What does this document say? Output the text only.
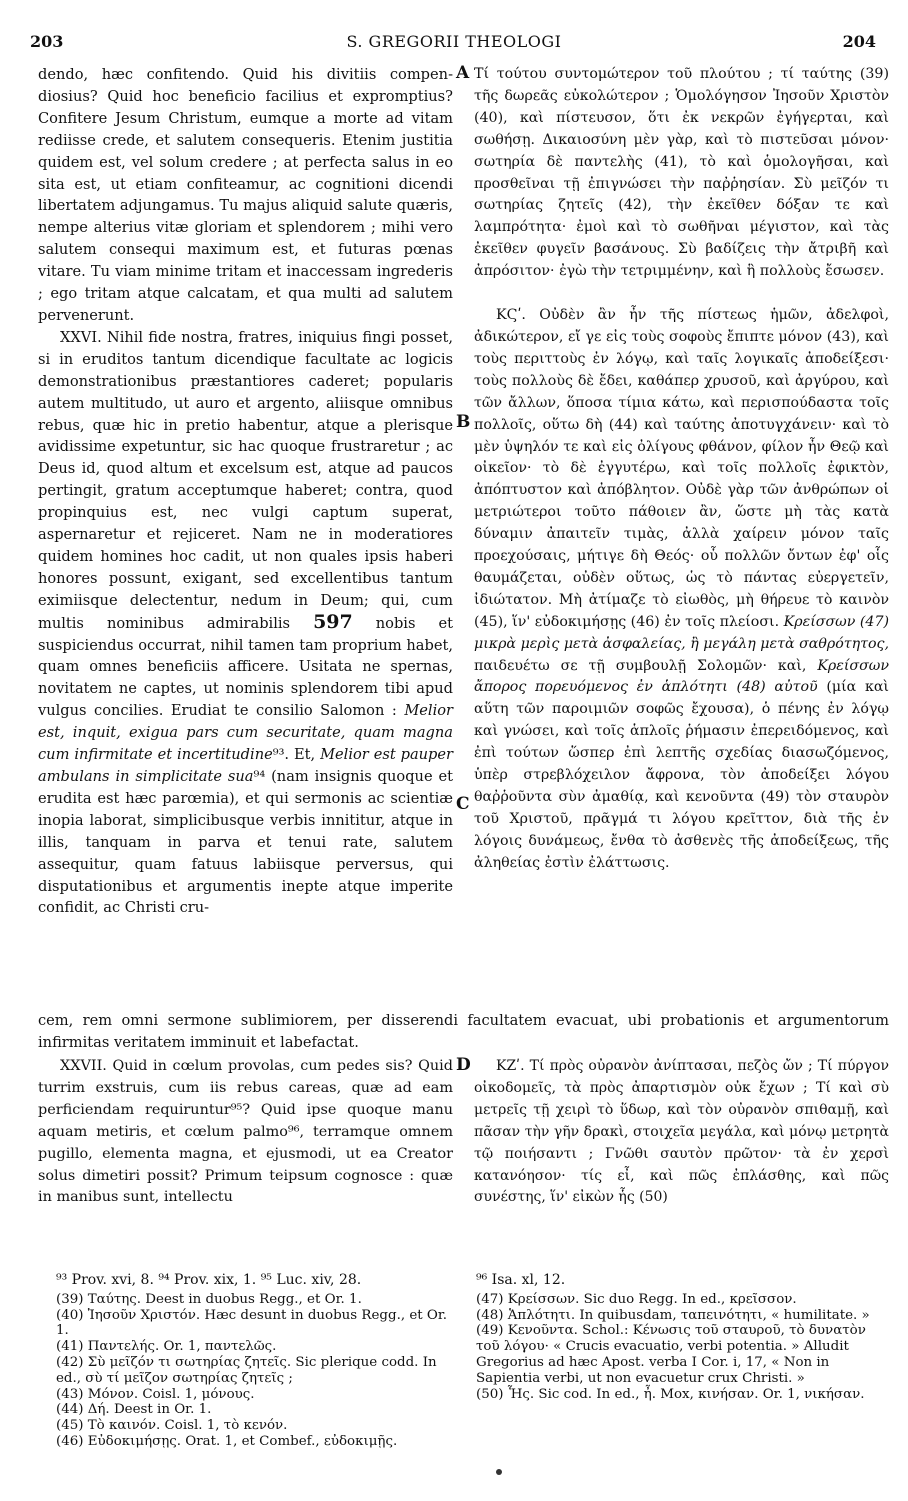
203	S. GREGORII THEOLOGI	204
A
B
C
D

dendo, hæc confitendo. Quid his divitiis compen-diosius? Quid hoc beneficio facilius et expromptius? Confitere Jesum Christum, eumque a morte ad vitam rediisse crede, et salutem consequeris. Etenim justitia quidem est, vel solum credere ; at perfecta salus in eo sita est, ut etiam confiteamur, ac cognitioni dicendi libertatem adjungamus. Tu majus aliquid salute quæris, nempe alterius vitæ gloriam et splendorem ; mihi vero salutem consequi maximum est, et futuras pœnas vitare. Tu viam minime tritam et inaccessam ingrederis ; ego tritam atque calcatam, et qua multi ad salutem pervenerunt.

XXVI. Nihil fide nostra, fratres, iniquius fingi posset, si in eruditos tantum dicendique facultate ac logicis demonstrationibus præstantiores caderet; popularis autem multitudo, ut auro et argento, aliisque omnibus rebus, quæ hic in pretio habentur, atque a plerisque avidissime expetuntur, sic hac quoque frustraretur ; ac Deus id, quod altum et excelsum est, atque ad paucos pertingit, gratum acceptumque haberet; contra, quod propinquius est, nec vulgi captum superat, aspernaretur et rejiceret. Nam ne in moderatiores quidem homines hoc cadit, ut non quales ipsis haberi honores possunt, exigant, sed excellentibus tantum eximiisque delectentur, nedum in Deum; qui, cum multis nominibus admirabilis 597 nobis et suspiciendus occurrat, nihil tamen tam proprium habet, quam omnes beneficiis afficere. Usitata ne spernas, novitatem ne captes, ut nominis splendorem tibi apud vulgus concilies. Erudiat te consilio Salomon : Melior est, inquit, exigua pars cum securitate, quam magna cum infirmitate et incertitudine⁹³. Et, Melior est pauper ambulans in simplicitate sua⁹⁴ (nam insignis quoque et erudita est hæc parœmia), et qui sermonis ac scientiæ inopia laborat, simplicibusque verbis innititur, atque in illis, tanquam in parva et tenui rate, salutem assequitur, quam fatuus labiisque perversus, qui disputationibus et argumentis inepte atque imperite confidit, ac Christi cru-

Τί τούτου συντομώτερον τοῦ πλούτου ; τί ταύτης (39) τῆς δωρεᾶς εὐκολώτερον ; Ὁμολόγησον Ἰησοῦν Χριστὸν (40), καὶ πίστευσον, ὅτι ἐκ νεκρῶν ἐγήγερται, καὶ σωθήσῃ. Δικαιοσύνη μὲν γὰρ, καὶ τὸ πιστεῦσαι μόνον· σωτηρία δὲ παντελὴς (41), τὸ καὶ ὁμολογῆσαι, καὶ προσθεῖναι τῇ ἐπιγνώσει τὴν παῤῥησίαν. Σὺ μεῖζόν τι σωτηρίας ζητεῖς (42), τὴν ἐκεῖθεν δόξαν τε καὶ λαμπρότητα· ἐμοὶ καὶ τὸ σωθῆναι μέγιστον, καὶ τὰς ἐκεῖθεν φυγεῖν βασάνους. Σὺ βαδίζεις τὴν ἄτριβῆ καὶ ἀπρόσιτον· ἐγὼ τὴν τετριμμένην, καὶ ἣ πολλοὺς ἔσωσεν.

ΚϚʹ. Οὐδὲν ἂν ἦν τῆς πίστεως ἡμῶν, ἀδελφοὶ, ἀδικώτερον, εἴ γε εἰς τοὺς σοφοὺς ἔπιπτε μόνον (43), καὶ τοὺς περιττοὺς ἐν λόγῳ, καὶ ταῖς λογικαῖς ἀποδείξεσι· τοὺς πολλοὺς δὲ ἔδει, καθάπερ χρυσοῦ, καὶ ἀργύρου, καὶ τῶν ἄλλων, ὅποσα τίμια κάτω, καὶ περισπούδαστα τοῖς πολλοῖς, οὕτω δὴ (44) καὶ ταύτης ἀποτυγχάνειν· καὶ τὸ μὲν ὑψηλόν τε καὶ εἰς ὀλίγους φθάνον, φίλον ἦν Θεῷ καὶ οἰκεῖον· τὸ δὲ ἐγγυτέρω, καὶ τοῖς πολλοῖς ἐφικτὸν, ἀπόπτυστον καὶ ἀπόβλητον. Οὐδὲ γὰρ τῶν ἀνθρώπων οἱ μετριώτεροι τοῦτο πάθοιεν ἂν, ὥστε μὴ τὰς κατὰ δύναμιν ἀπαιτεῖν τιμὰς, ἀλλὰ χαίρειν μόνον ταῖς προεχούσαις, μήτιγε δὴ Θεός· οὗ πολλῶν ὄντων ἐφ' οἷς θαυμάζεται, οὐδὲν οὕτως, ὡς τὸ πάντας εὐεργετεῖν, ἰδιώτατον. Μὴ ἀτίμαζε τὸ εἰωθὸς, μὴ θήρευε τὸ καινὸν (45), ἵν' εὐδοκιμήσῃς (46) ἐν τοῖς πλείοσι. Κρείσσων (47) μικρὰ μερὶς μετὰ ἀσφαλείας, ἢ μεγάλη μετὰ σαθρότητος, παιδευέτω σε τῇ συμβουλῇ Σολομῶν· καὶ, Κρείσσων ἄπορος πορευόμενος ἐν ἁπλότητι (48) αὐτοῦ (μία καὶ αὕτη τῶν παροιμιῶν σοφῶς ἔχουσα), ὁ πένης ἐν λόγῳ καὶ γνώσει, καὶ τοῖς ἁπλοῖς ῥήμασιν ἐπερειδόμενος, καὶ ἐπὶ τούτων ὥσπερ ἐπὶ λεπτῆς σχεδίας διασωζόμενος, ὑπὲρ στρεβλόχειλον ἄφρονα, τὸν ἀποδείξει λόγου θαῤῥοῦντα σὺν ἀμαθίᾳ, καὶ κενοῦντα (49) τὸν σταυρὸν τοῦ Χριστοῦ, πρᾶγμά τι λόγου κρεῖττον, διὰ τῆς ἐν λόγοις δυνάμεως, ἔνθα τὸ ἀσθενὲς τῆς ἀποδείξεως, τῆς ἀληθείας ἐστὶν ἐλάττωσις.

cem, rem omni sermone sublimiorem, per disserendi facultatem evacuat, ubi probationis et argumentorum infirmitas veritatem imminuit et labefactat.

XXVII. Quid in cœlum provolas, cum pedes sis? Quid turrim exstruis, cum iis rebus careas, quæ ad eam perficiendam requiruntur⁹⁵? Quid ipse quoque manu aquam metiris, et cœlum palmo⁹⁶, terramque omnem pugillo, elementa magna, et ejusmodi, ut ea Creator solus dimetiri possit? Primum teipsum cognosce : quæ in manibus sunt, intellectu

ΚΖʹ. Τί πρὸς οὐρανὸν ἀνίπτασαι, πεζὸς ὤν ; Τί πύργον οἰκοδομεῖς, τὰ πρὸς ἀπαρτισμὸν οὐκ ἔχων ; Τί καὶ σὺ μετρεῖς τῇ χειρὶ τὸ ὕδωρ, καὶ τὸν οὐρανὸν σπιθαμῇ, καὶ πᾶσαν τὴν γῆν δρακὶ, στοιχεῖα μεγάλα, καὶ μόνῳ μετρητὰ τῷ ποιήσαντι ; Γνῶθι σαυτὸν πρῶτον· τὰ ἐν χερσὶ κατανόησον· τίς εἶ, καὶ πῶς ἐπλάσθης, καὶ πῶς συνέστης, ἵν' εἰκὼν ἧς (50)

⁹³ Prov. xvi, 8. ⁹⁴ Prov. xix, 1. ⁹⁵ Luc. xiv, 28.
(39) Ταύτης. Deest in duobus Regg., et Or. 1.
(40) Ἰησοῦν Χριστόν. Hæc desunt in duobus Regg., et Or. 1.
(41) Παντελής. Or. 1, παντελῶς.
(42) Σὺ μεῖζόν τι σωτηρίας ζητεῖς. Sic plerique codd. In ed., σὺ τί μεῖζον σωτηρίας ζητεῖς ;
(43) Μόνον. Coisl. 1, μόνους.
(44) Δή. Deest in Or. 1.
(45) Τὸ καινόν. Coisl. 1, τὸ κενόν.
(46) Εὐδοκιμήσῃς. Orat. 1, et Combef., εὐδοκιμῇς.
⁹⁶ Isa. xl, 12.
(47) Κρείσσων. Sic duo Regg. In ed., κρεῖσσον.
(48) Ἁπλότητι. In quibusdam, ταπεινότητι, « humilitate. »
(49) Κενοῦντα. Schol.: Κένωσις τοῦ σταυροῦ, τὸ δυνατὸν τοῦ λόγου· « Crucis evacuatio, verbi potentia. » Alludit Gregorius ad hæc Apost. verba I Cor. i, 17, « Non in Sapientia verbi, ut non evacuetur crux Christi. »
(50) Ἧς. Sic cod. In ed., ἦ. Mox, κινήσαν. Or. 1, νικήσαν.
